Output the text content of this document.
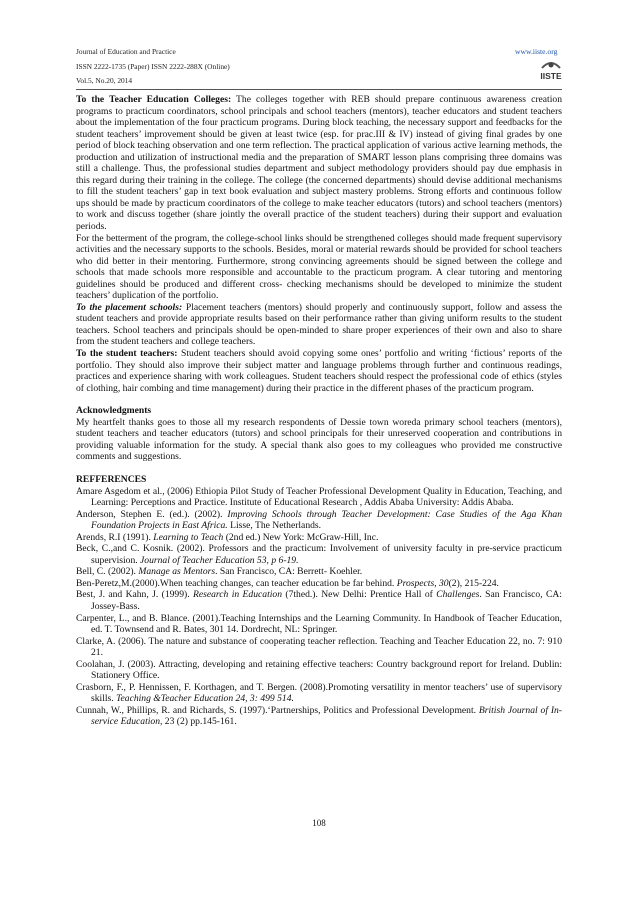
Journal of Education and Practice
ISSN 2222-1735 (Paper) ISSN 2222-288X (Online)
Vol.5, No.20, 2014
www.iiste.org
IISTE

To the Teacher Education Colleges: The colleges together with REB should prepare continuous awareness creation programs to practicum coordinators, school principals and school teachers (mentors), teacher educators and student teachers about the implementation of the four practicum programs. During block teaching, the necessary support and feedbacks for the student teachers’ improvement should be given at least twice (esp. for prac.III & IV) instead of giving final grades by one period of block teaching observation and one term reflection. The practical application of various active learning methods, the production and utilization of instructional media and the preparation of SMART lesson plans comprising three domains was still a challenge. Thus, the professional studies department and subject methodology providers should pay due emphasis in this regard during their training in the college. The college (the concerned departments) should devise additional mechanisms to fill the student teachers’ gap in text book evaluation and subject mastery problems. Strong efforts and continuous follow ups should be made by practicum coordinators of the college to make teacher educators (tutors) and school teachers (mentors) to work and discuss together (share jointly the overall practice of the student teachers) during their support and evaluation periods.

For the betterment of the program, the college-school links should be strengthened colleges should made frequent supervisory activities and the necessary supports to the schools. Besides, moral or material rewards should be provided for school teachers who did better in their mentoring. Furthermore, strong convincing agreements should be signed between the college and schools that made schools more responsible and accountable to the practicum program. A clear tutoring and mentoring guidelines should be produced and different cross- checking mechanisms should be developed to minimize the student teachers’ duplication of the portfolio.

To the placement schools: Placement teachers (mentors) should properly and continuously support, follow and assess the student teachers and provide appropriate results based on their performance rather than giving uniform results to the student teachers. School teachers and principals should be open-minded to share proper experiences of their own and also to share from the student teachers and college teachers.

To the student teachers: Student teachers should avoid copying some ones’ portfolio and writing ‘fictious’ reports of the portfolio. They should also improve their subject matter and language problems through further and continuous readings, practices and experience sharing with work colleagues. Student teachers should respect the professional code of ethics (styles of clothing, hair combing and time management) during their practice in the different phases of the practicum program.

Acknowledgments

My heartfelt thanks goes to those all my research respondents of Dessie town woreda primary school teachers (mentors), student teachers and teacher educators (tutors) and school principals for their unreserved cooperation and contributions in providing valuable information for the study. A special thank also goes to my colleagues who provided me constructive comments and suggestions.

REFFERENCES

Amare Asgedom et al., (2006) Ethiopia Pilot Study of Teacher Professional Development Quality in Education, Teaching, and Learning: Perceptions and Practice. Institute of Educational Research , Addis Ababa University: Addis Ababa.

Anderson, Stephen E. (ed.). (2002). Improving Schools through Teacher Development: Case Studies of the Aga Khan Foundation Projects in East Africa. Lisse, The Netherlands.

Arends, R.I (1991). Learning to Teach (2nd ed.) New York: McGraw-Hill, Inc.

Beck, C.,and C. Kosnik. (2002). Professors and the practicum: Involvement of university faculty in pre-service practicum supervision. Journal of Teacher Education 53, p 6-19.

Bell, C. (2002). Manage as Mentors. San Francisco, CA: Berrett- Koehler.

Ben-Peretz,M.(2000).When teaching changes, can teacher education be far behind. Prospects, 30(2), 215-224.

Best, J. and Kahn, J. (1999). Research in Education (7thed.). New Delhi: Prentice Hall of Challenges. San Francisco, CA: Jossey-Bass.

Carpenter, L., and B. Blance. (2001).Teaching Internships and the Learning Community. In Handbook of Teacher Education, ed. T. Townsend and R. Bates, 301 14. Dordrecht, NL: Springer.

Clarke, A. (2006). The nature and substance of cooperating teacher reflection. Teaching and Teacher Education 22, no. 7: 910 21.

Coolahan, J. (2003). Attracting, developing and retaining effective teachers: Country background report for Ireland. Dublin: Stationery Office.

Crasborn, F., P. Hennissen, F. Korthagen, and T. Bergen. (2008).Promoting versatility in mentor teachers’ use of supervisory skills. Teaching &Teacher Education 24, 3: 499 514.

Cunnah, W., Phillips, R. and Richards, S. (1997).‘Partnerships, Politics and Professional Development. British Journal of In-service Education, 23 (2) pp.145-161.

108
